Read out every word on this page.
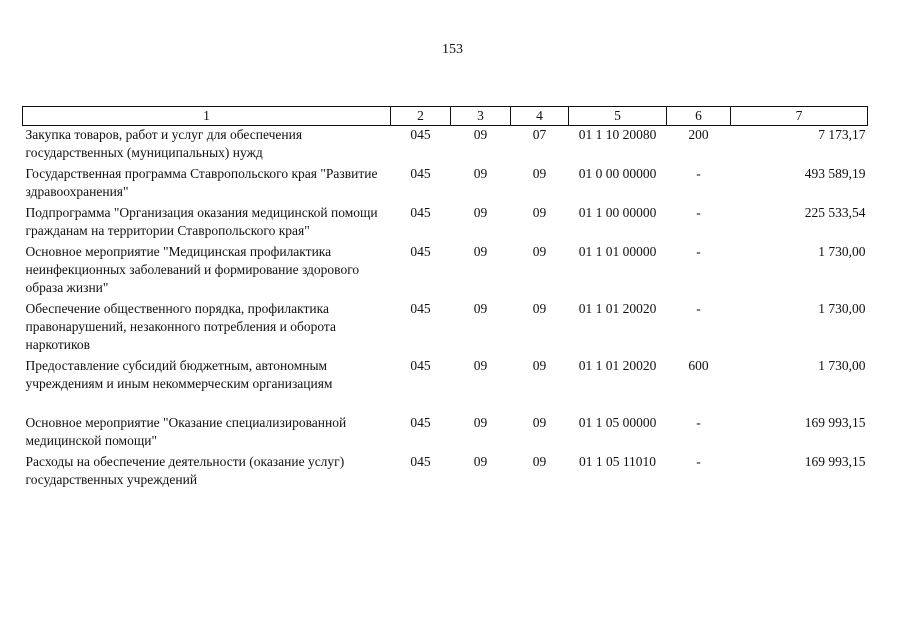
153
1	2	3	4	5	6	7
Закупка товаров, работ и услуг для обеспечения государственных (муниципальных) нужд	045	09	07	01 1 10 20080	200	7 173,17
Государственная программа Ставропольского края "Развитие здравоохранения"	045	09	09	01 0 00 00000	-	493 589,19
Подпрограмма "Организация оказания медицинской помощи гражданам на территории Ставропольского края"	045	09	09	01 1 00 00000	-	225 533,54
Основное мероприятие "Медицинская профилактика неинфекционных заболеваний и формирование здорового образа жизни"	045	09	09	01 1 01 00000	-	1 730,00
Обеспечение общественного порядка, профилактика правонарушений, незаконного потребления и оборота наркотиков	045	09	09	01 1 01 20020	-	1 730,00
Предоставление субсидий бюджетным, автономным учреждениям и иным некоммерческим организациям	045	09	09	01 1 01 20020	600	1 730,00
Основное мероприятие "Оказание специализированной медицинской помощи"	045	09	09	01 1 05 00000	-	169 993,15
Расходы на обеспечение деятельности (оказание услуг) государственных учреждений	045	09	09	01 1 05 11010	-	169 993,15
